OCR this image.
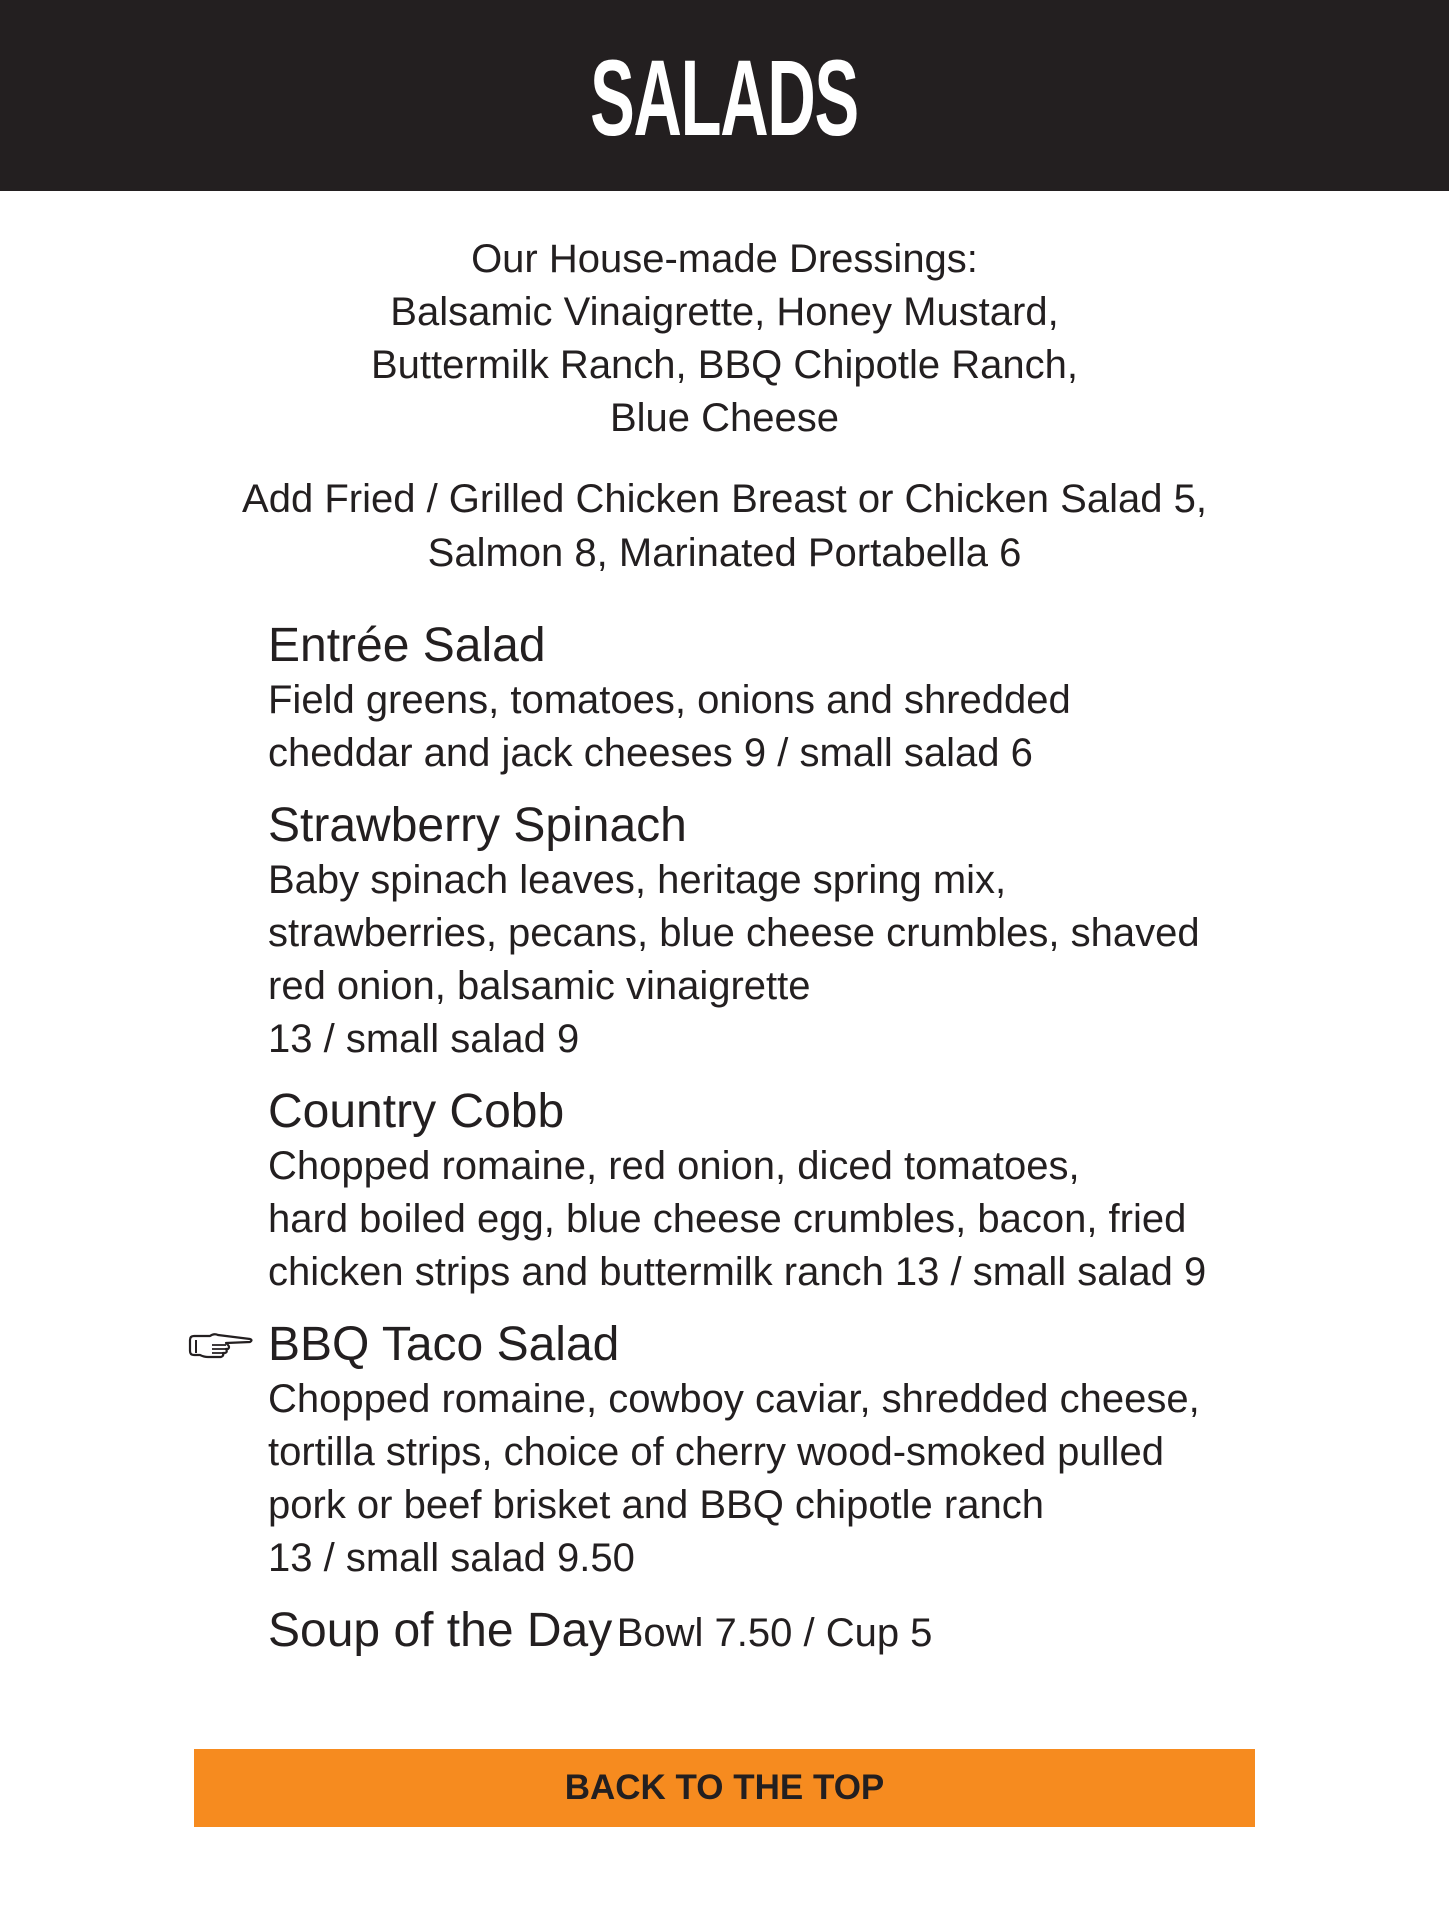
SALADS
Our House-made Dressings:
Balsamic Vinaigrette, Honey Mustard,
Buttermilk Ranch, BBQ Chipotle Ranch,
Blue Cheese
Add Fried / Grilled Chicken Breast or Chicken Salad 5,
Salmon 8, Marinated Portabella 6
Entrée Salad
Field greens, tomatoes, onions and shredded
cheddar and jack cheeses 9 / small salad 6
Strawberry Spinach
Baby spinach leaves, heritage spring mix,
strawberries, pecans, blue cheese crumbles, shaved
red onion, balsamic vinaigrette
13 / small salad 9
Country Cobb
Chopped romaine, red onion, diced tomatoes,
hard boiled egg, blue cheese crumbles, bacon, fried
chicken strips and buttermilk ranch 13 / small salad 9
BBQ Taco Salad
Chopped romaine, cowboy caviar, shredded cheese,
tortilla strips, choice of cherry wood-smoked pulled
pork or beef brisket and BBQ chipotle ranch
13 / small salad 9.50
Soup of the Day Bowl 7.50 / Cup 5
BACK TO THE TOP
